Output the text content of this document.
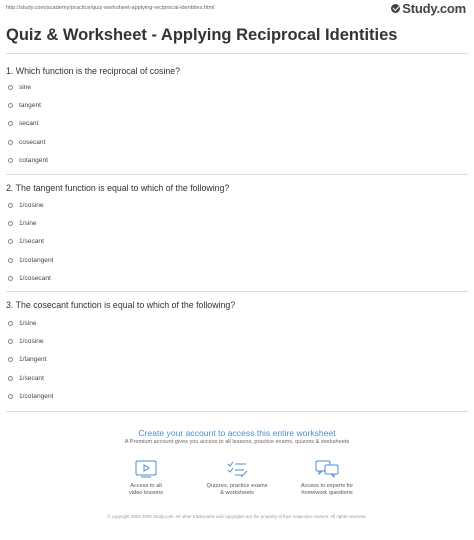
http://study.com/academy/practice/quiz-worksheet-applying-reciprocal-identities.html	Study.com
Quiz & Worksheet - Applying Reciprocal Identities
1. Which function is the reciprocal of cosine?
sine
tangent
secant
cosecant
cotangent
2. The tangent function is equal to which of the following?
1/cosine
1/sine
1/secant
1/cotangent
1/cosecant
3. The cosecant function is equal to which of the following?
1/sine
1/cosine
1/tangent
1/secant
1/cotangent
Create your account to access this entire worksheet
A Premium account gives you access to all lessons, practice exams, quizzes & worksheets
Access to all
video lessons
Quizzes, practice exams
& worksheets
Access to experts for
homework questions
© copyright 2003-2020 Study.com. All other trademarks and copyrights are the property of their respective owners. All rights reserved.
